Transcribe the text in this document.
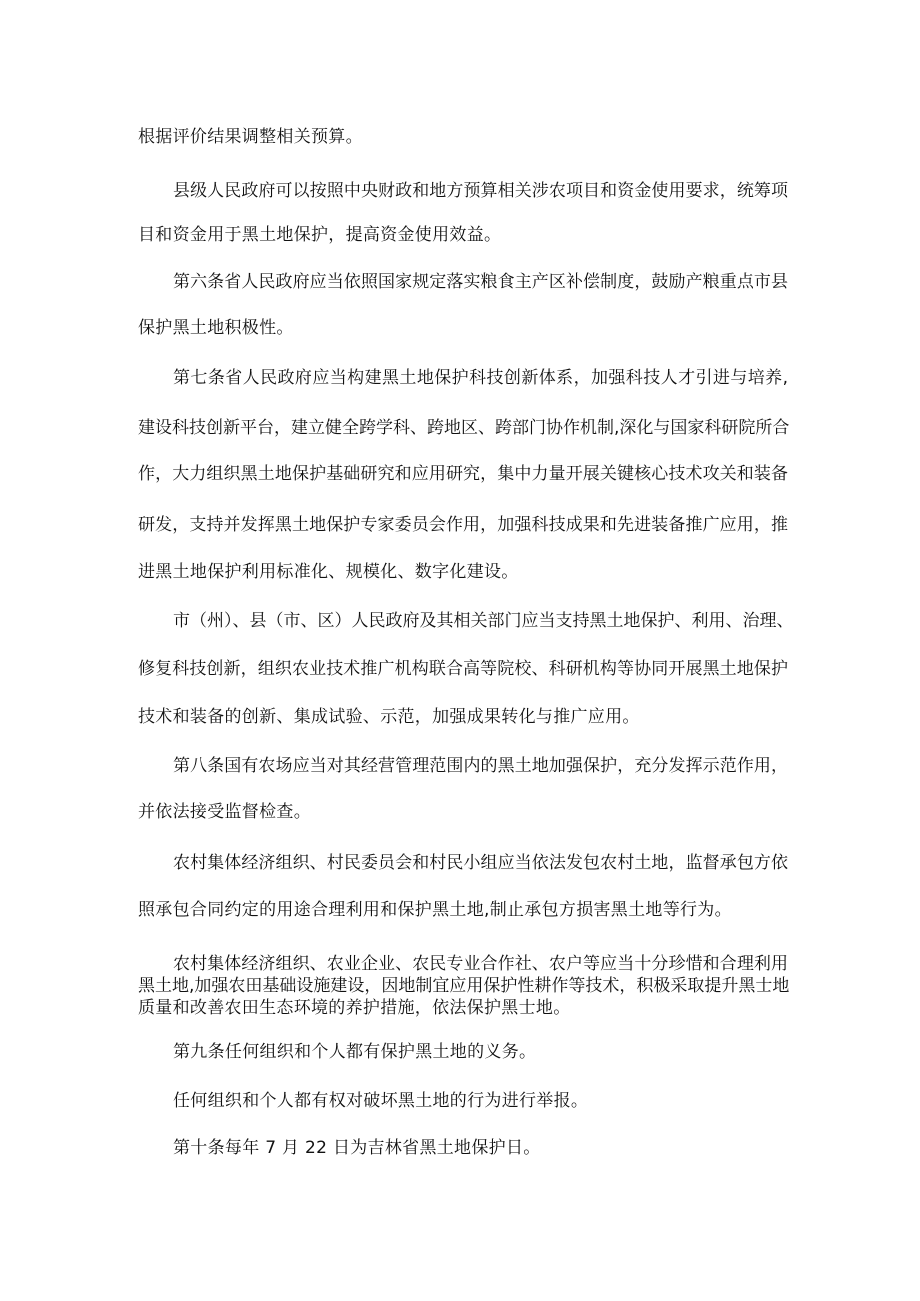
根据评价结果调整相关预算。
县级人民政府可以按照中央财政和地方预算相关涉农项目和资金使用要求，统筹项
目和资金用于黑土地保护，提高资金使用效益。
第六条省人民政府应当依照国家规定落实粮食主产区补偿制度，鼓励产粮重点市县
保护黑土地积极性。
第七条省人民政府应当构建黑土地保护科技创新体系，加强科技人才引进与培养,
建设科技创新平台，建立健全跨学科、跨地区、跨部门协作机制,深化与国家科研院所合
作，大力组织黑土地保护基础研究和应用研究，集中力量开展关键核心技术攻关和装备
研发，支持并发挥黑土地保护专家委员会作用，加强科技成果和先进装备推广应用，推
进黑土地保护利用标准化、规模化、数字化建设。
市（州）、县（市、区）人民政府及其相关部门应当支持黑土地保护、利用、治理、
修复科技创新，组织农业技术推广机构联合高等院校、科研机构等协同开展黑土地保护
技术和装备的创新、集成试验、示范，加强成果转化与推广应用。
第八条国有农场应当对其经营管理范围内的黑土地加强保护，充分发挥示范作用，
并依法接受监督检查。
农村集体经济组织、村民委员会和村民小组应当依法发包农村土地，监督承包方依
照承包合同约定的用途合理利用和保护黑土地,制止承包方损害黑土地等行为。
农村集体经济组织、农业企业、农民专业合作社、农户等应当十分珍惜和合理利用
黑土地,加强农田基础设施建设，因地制宜应用保护性耕作等技术，积极采取提升黑士地
质量和改善农田生态环境的养护措施，依法保护黑士地。
第九条任何组织和个人都有保护黑土地的义务。
任何组织和个人都有权对破坏黑土地的行为进行举报。
第十条每年 7 月 22 日为吉林省黑土地保护日。
